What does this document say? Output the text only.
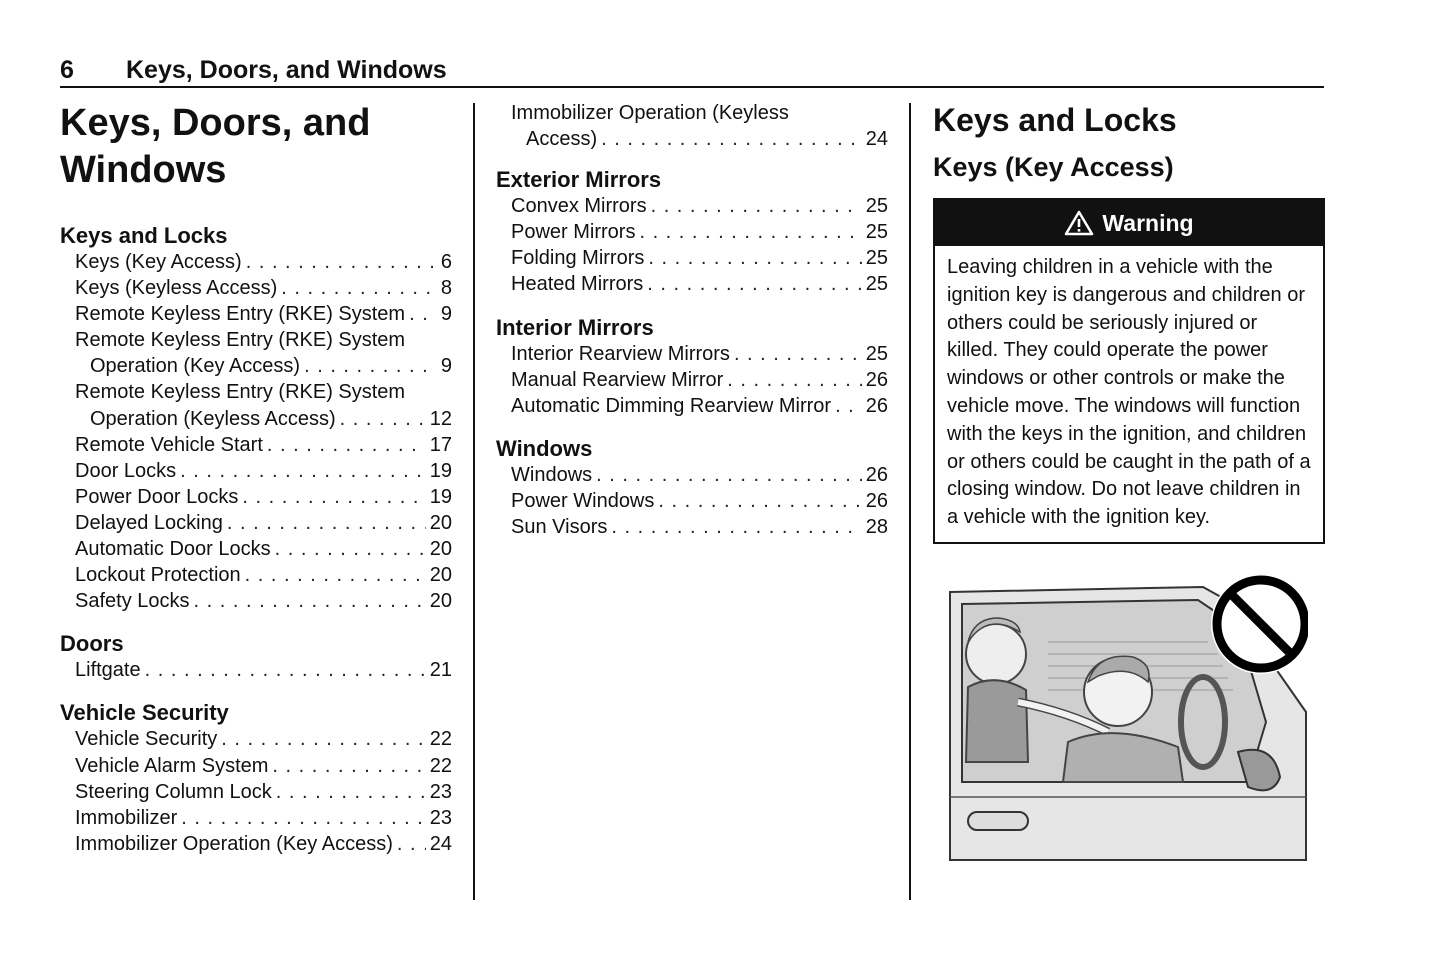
6 Keys, Doors, and Windows
Keys, Doors, and Windows
Keys and Locks
Keys (Key Access) . . .	6
Keys (Keyless Access) . . .	8
Remote Keyless Entry (RKE) System . . . 9
Remote Keyless Entry (RKE) System
Operation (Key Access) . . .	9
Remote Keyless Entry (RKE) System
Operation (Keyless Access) . . .	12
Remote Vehicle Start . . .	17
Door Locks . . .	19
Power Door Locks . . .	19
Delayed Locking . . .	20
Automatic Door Locks . . .	20
Lockout Protection . . .	20
Safety Locks . . .	20
Doors
Liftgate . . .	21
Vehicle Security
Vehicle Security . . .	22
Vehicle Alarm System . . .	22
Steering Column Lock . . .	23
Immobilizer . . .	23
Immobilizer Operation (Key Access) . . . 24
Immobilizer Operation (Keyless
Access) . . .	24
Exterior Mirrors
Convex Mirrors . . .	25
Power Mirrors . . .	25
Folding Mirrors . . .	25
Heated Mirrors . . .	25
Interior Mirrors
Interior Rearview Mirrors . . .	25
Manual Rearview Mirror . . .	26
Automatic Dimming Rearview Mirror . . . 26
Windows
Windows . . .	26
Power Windows . . .	26
Sun Visors . . .	28
Keys and Locks
Keys (Key Access)
Warning
Leaving children in a vehicle with the ignition key is dangerous and children or others could be seriously injured or killed. They could operate the power windows or other controls or make the vehicle move. The windows will function with the keys in the ignition, and children or others could be caught in the path of a closing window. Do not leave children in a vehicle with the ignition key.
